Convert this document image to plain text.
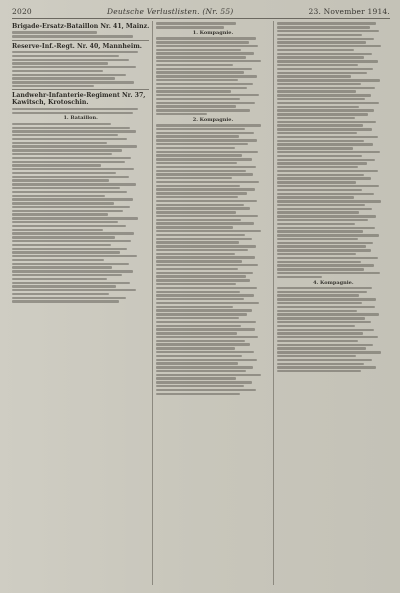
2020	Deutsche Verlustlisten. (Nr. 55)	23. November 1914.
Brigade-Ersatz-Bataillon Nr. 41, Mainz.
Reserve-Inf.-Regt. Nr. 40, Mannheim.
Landwehr-Infanterie-Regiment Nr. 37, Kawitsch, Krotoschin.
1. Bataillon.
1. Kompagnie.
2. Kompagnie.
4. Kompagnie.
